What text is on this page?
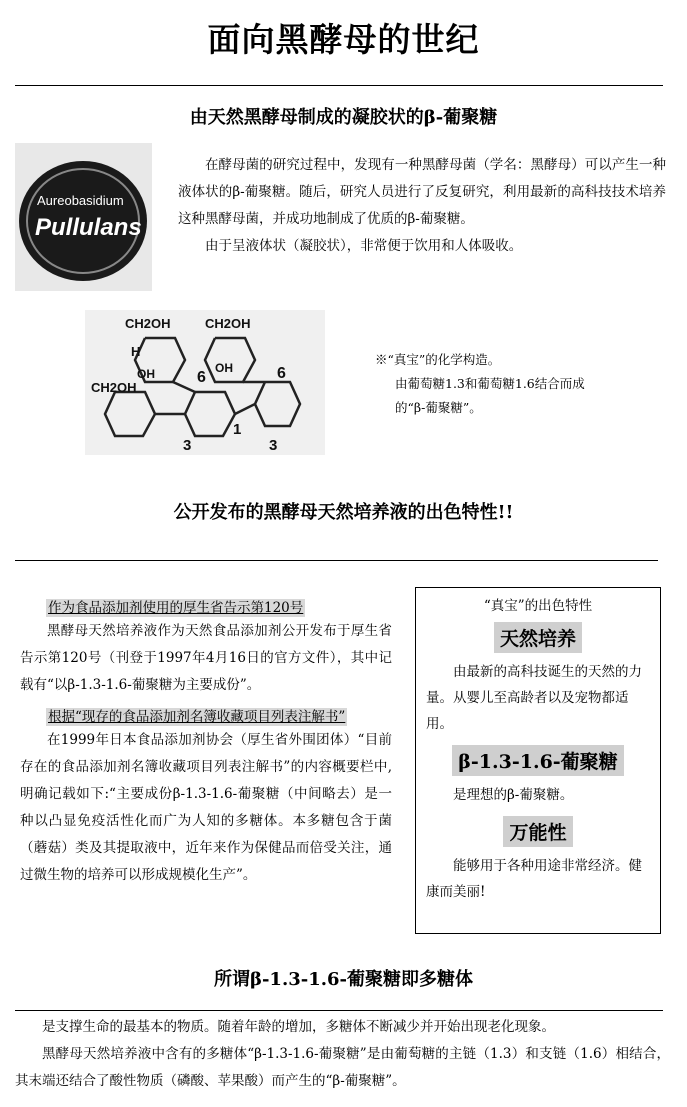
面向黑酵母的世纪
由天然黑酵母制成的凝胶状的β-葡聚糖
Aureobasidium
Pullulans

在酵母菌的研究过程中，发现有一种黑酵母菌（学名：黑酵母）可以产生一种液体状的β-葡聚糖。随后，研究人员进行了反复研究，利用最新的高科技技术培养这种黑酵母菌，并成功地制成了优质的β-葡聚糖。

由于呈液体状（凝胶状），非常便于饮用和人体吸收。

CH2OH	CH2OH
CH2OH
H
OH	OH
6	6
3
1
3
※“真宝”的化学构造。
由葡萄糖1.3和葡萄糖1.6结合而成
的“β-葡聚糖”。
公开发布的黑酵母天然培养液的出色特性!!
作为食品添加剂使用的厚生省告示第120号

黑酵母天然培养液作为天然食品添加剂公开发布于厚生省告示第120号（刊登于1997年4月16日的官方文件），其中记载有“以β-1.3-1.6-葡聚糖为主要成份”。

根据“现存的食品添加剂名簿收藏项目列表注解书”

在1999年日本食品添加剂协会（厚生省外围团体）“目前存在的食品添加剂名簿收藏项目列表注解书”的内容概要栏中,明确记载如下:“主要成份β-1.3-1.6-葡聚糖（中间略去）是一种以凸显免疫活性化而广为人知的多糖体。本多糖包含于菌（蘑菇）类及其提取液中，近年来作为保健品而倍受关注，通过微生物的培养可以形成规模化生产”。

“真宝”的出色特性
天然培养

由最新的高科技诞生的天然的力量。从婴儿至高龄者以及宠物都适用。

β-1.3-1.6-葡聚糖

是理想的β-葡聚糖。

万能性

能够用于各种用途非常经济。健康而美丽!

所谓β-1.3-1.6-葡聚糖即多糖体

是支撑生命的最基本的物质。随着年龄的增加，多糖体不断减少并开始出现老化现象。

黑酵母天然培养液中含有的多糖体“β-1.3-1.6-葡聚糖”是由葡萄糖的主链（1.3）和支链（1.6）相结合，其末端还结合了酸性物质（磷酸、苹果酸）而产生的“β-葡聚糖”。
